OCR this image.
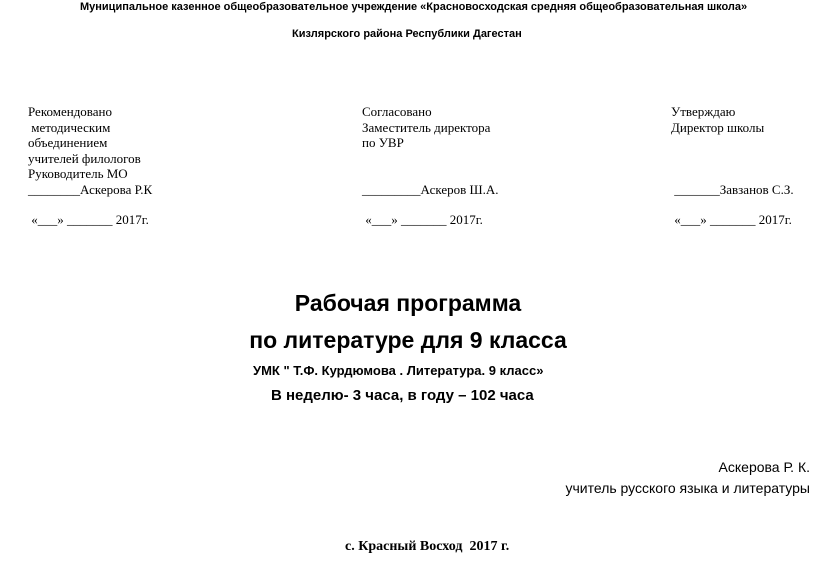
Муниципальное казенное общеобразовательное учреждение «Красновосходская средняя общеобразовательная школа»
Кизлярского района Республики Дагестан
Рекомендовано
методическим
объединением
учителей филологов
Руководитель МО
________Аскерова Р.К
«___» _______ 2017г.
Согласовано
Заместитель директора
по УВР
_________Аскеров Ш.А.
«___» _______ 2017г.
Утверждаю
Директор школы
_______Завзанов С.З.
«___» _______ 2017г.
Рабочая программа
по литературе для 9 класса
УМК " Т.Ф. Курдюмова . Литература. 9 класс»
В неделю- 3 часа, в году – 102 часа
Аскерова Р. К.
учитель русского языка и литературы
с. Красный Восход  2017 г.
